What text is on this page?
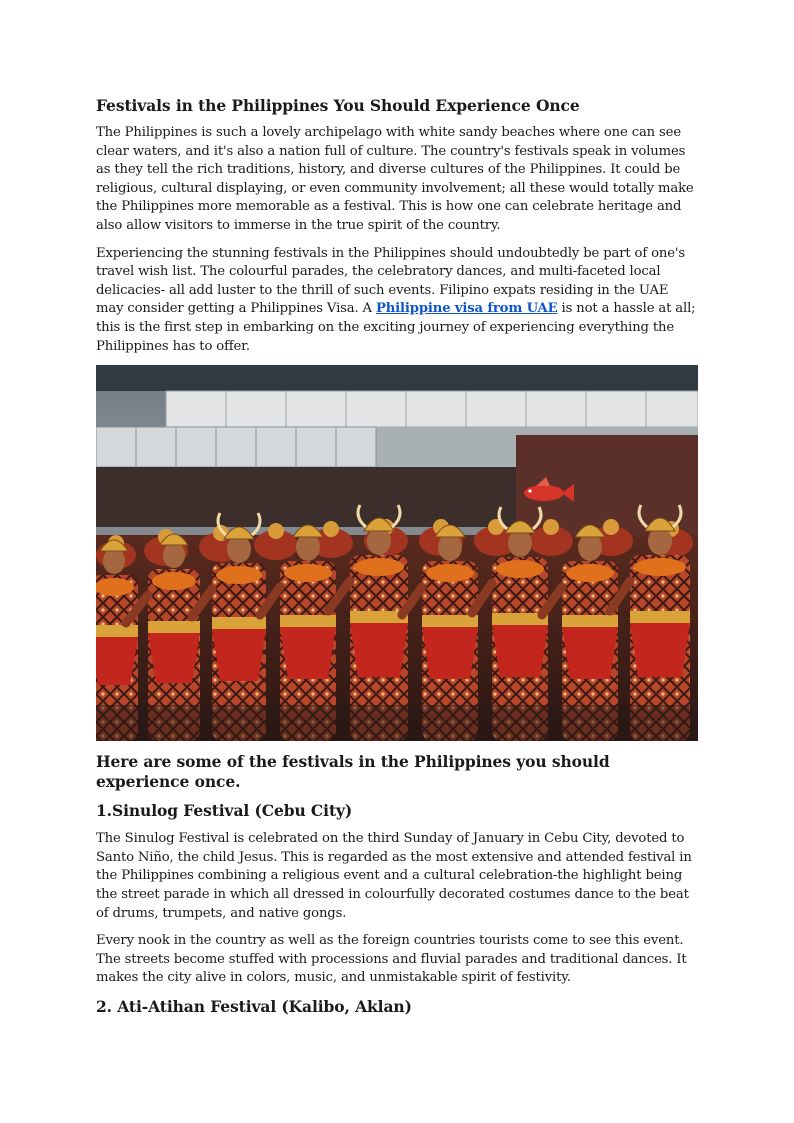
Festivals in the Philippines You Should Experience Once

The Philippines is such a lovely archipelago with white sandy beaches where one can see clear waters, and it's also a nation full of culture. The country's festivals speak in volumes as they tell the rich traditions, history, and diverse cultures of the Philippines. It could be religious, cultural displaying, or even community involvement; all these would totally make the Philippines more memorable as a festival. This is how one can celebrate heritage and also allow visitors to immerse in the true spirit of the country.

Experiencing the stunning festivals in the Philippines should undoubtedly be part of one's travel wish list. The colourful parades, the celebratory dances, and multi-faceted local delicacies- all add luster to the thrill of such events. Filipino expats residing in the UAE may consider getting a Philippines Visa. A Philippine visa from UAE is not a hassle at all; this is the first step in embarking on the exciting journey of experiencing everything the Philippines has to offer.

Here are some of the festivals in the Philippines you should experience once.
1.Sinulog Festival (Cebu City)

The Sinulog Festival is celebrated on the third Sunday of January in Cebu City, devoted to Santo Niño, the child Jesus. This is regarded as the most extensive and attended festival in the Philippines combining a religious event and a cultural celebration-the highlight being the street parade in which all dressed in colourfully decorated costumes dance to the beat of drums, trumpets, and native gongs.

Every nook in the country as well as the foreign countries tourists come to see this event. The streets become stuffed with processions and fluvial parades and traditional dances. It makes the city alive in colors, music, and unmistakable spirit of festivity.

2. Ati-Atihan Festival (Kalibo, Aklan)
